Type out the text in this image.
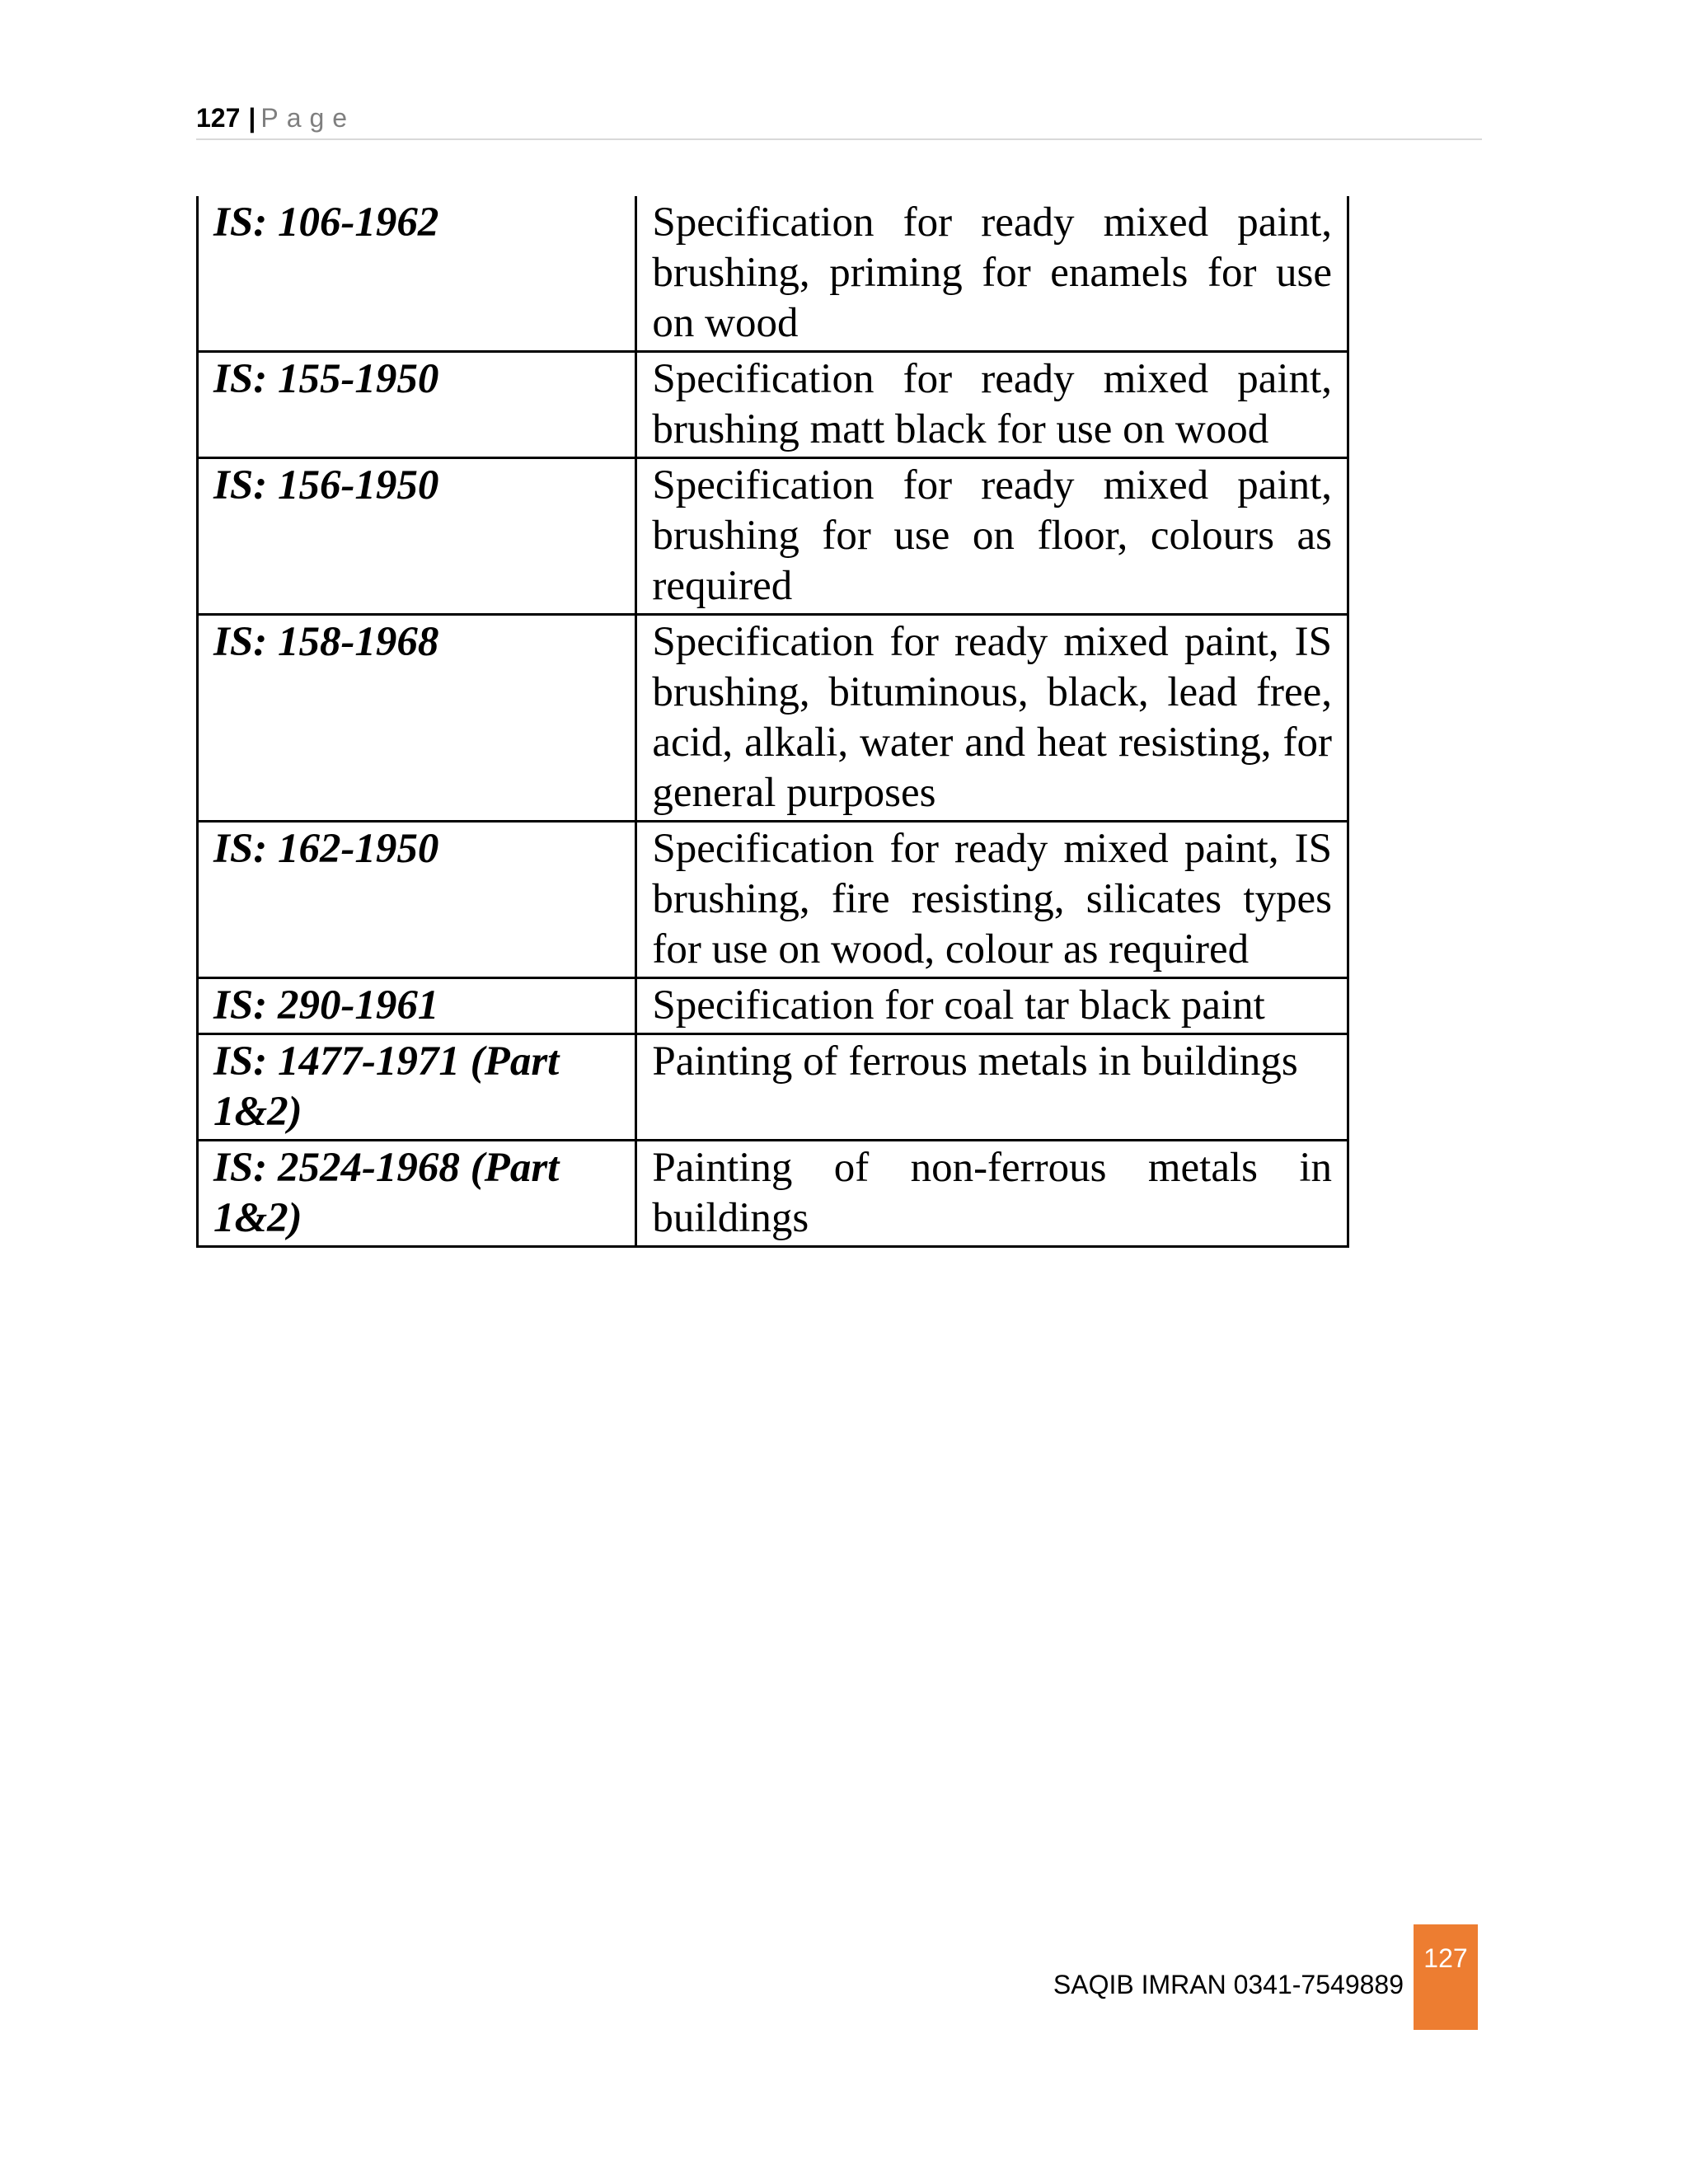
127 | Page
IS: 106-1962	Specification for ready mixed paint, brushing, priming for enamels for use on wood
IS: 155-1950	Specification for ready mixed paint, brushing matt black for use on wood
IS: 156-1950	Specification for ready mixed paint, brushing for use on floor, colours as required
IS: 158-1968	Specification for ready mixed paint, IS brushing, bituminous, black, lead free, acid, alkali, water and heat resisting, for general purposes
IS: 162-1950	Specification for ready mixed paint, IS brushing, fire resisting, silicates types for use on wood, colour as required
IS: 290-1961	Specification for coal tar black paint
IS: 1477-1971 (Part 1&2)	Painting of ferrous metals in buildings
IS: 2524-1968 (Part 1&2)	Painting of non-ferrous metals in buildings
SAQIB IMRAN 0341-7549889
127
